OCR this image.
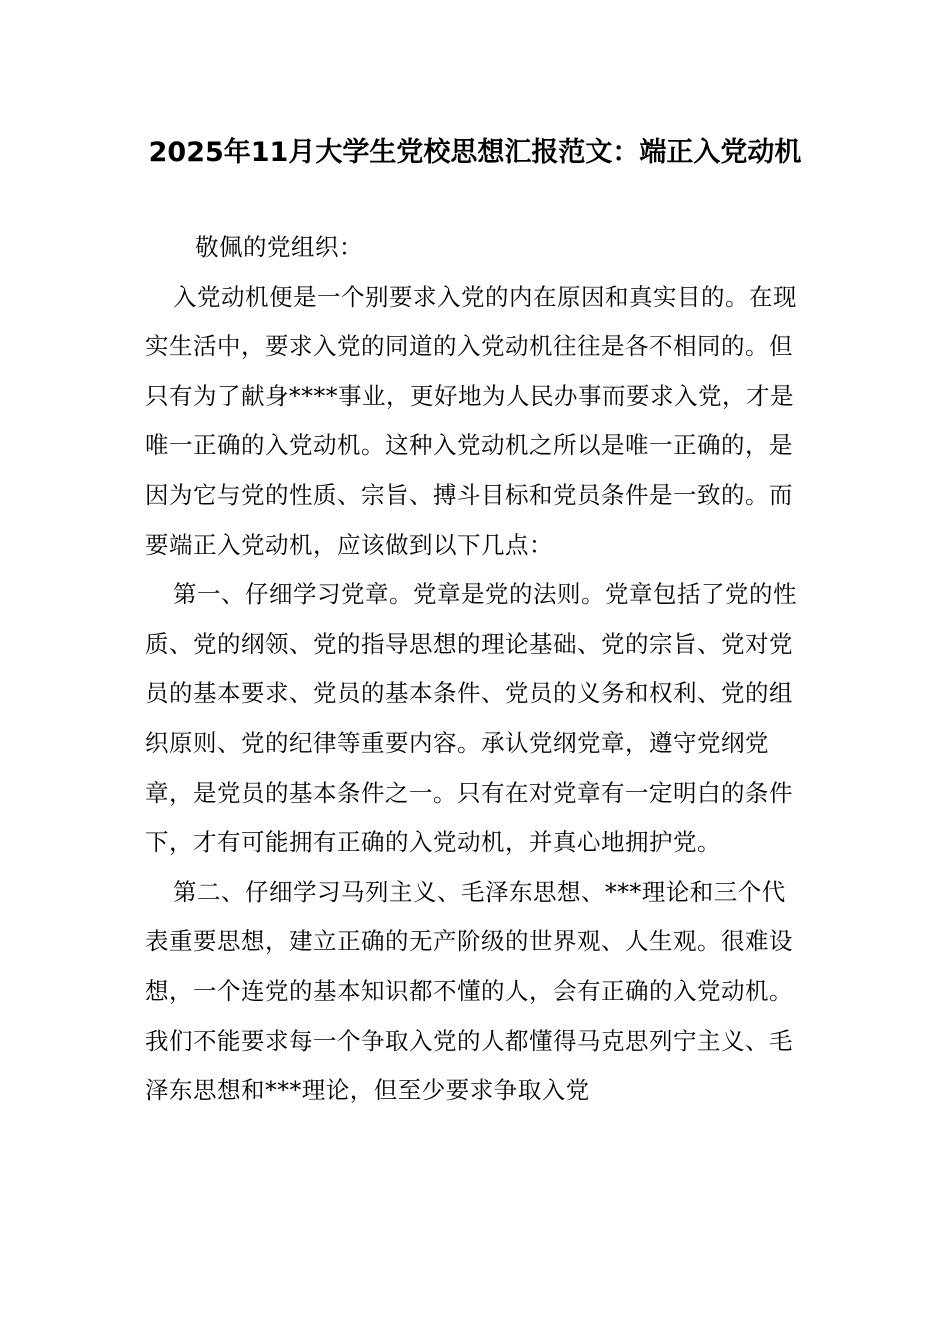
2025年11月大学生党校思想汇报范文：端正入党动机

敬佩的党组织：

入党动机便是一个别要求入党的内在原因和真实目的。在现实生活中，要求入党的同道的入党动机往往是各不相同的。但只有为了献身****事业，更好地为人民办事而要求入党，才是唯一正确的入党动机。这种入党动机之所以是唯一正确的，是因为它与党的性质、宗旨、搏斗目标和党员条件是一致的。而要端正入党动机，应该做到以下几点：

第一、仔细学习党章。党章是党的法则。党章包括了党的性质、党的纲领、党的指导思想的理论基础、党的宗旨、党对党员的基本要求、党员的基本条件、党员的义务和权利、党的组织原则、党的纪律等重要内容。承认党纲党章，遵守党纲党章，是党员的基本条件之一。只有在对党章有一定明白的条件下，才有可能拥有正确的入党动机，并真心地拥护党。

第二、仔细学习马列主义、毛泽东思想、***理论和三个代表重要思想，建立正确的无产阶级的世界观、人生观。很难设想，一个连党的基本知识都不懂的人，会有正确的入党动机。我们不能要求每一个争取入党的人都懂得马克思列宁主义、毛泽东思想和***理论，但至少要求争取入党
